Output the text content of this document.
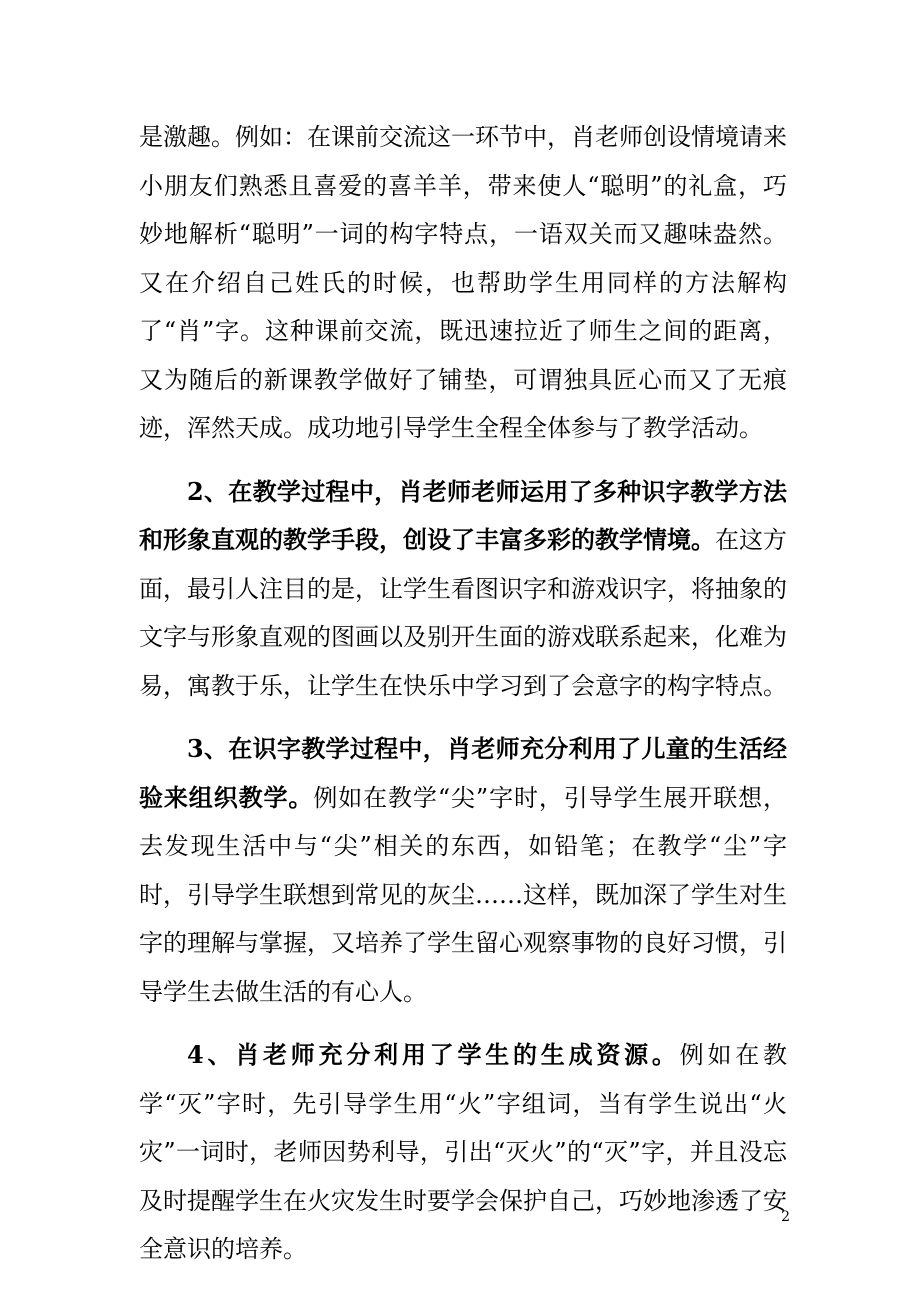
是激趣。例如：在课前交流这一环节中，肖老师创设情境请来小朋友们熟悉且喜爱的喜羊羊，带来使人“聪明”的礼盒，巧妙地解析“聪明”一词的构字特点，一语双关而又趣味盎然。又在介绍自己姓氏的时候，也帮助学生用同样的方法解构了“肖”字。这种课前交流，既迅速拉近了师生之间的距离，又为随后的新课教学做好了铺垫，可谓独具匠心而又了无痕迹，浑然天成。成功地引导学生全程全体参与了教学活动。

2、在教学过程中，肖老师老师运用了多种识字教学方法和形象直观的教学手段，创设了丰富多彩的教学情境。在这方面，最引人注目的是，让学生看图识字和游戏识字，将抽象的文字与形象直观的图画以及别开生面的游戏联系起来，化难为易，寓教于乐，让学生在快乐中学习到了会意字的构字特点。

3、在识字教学过程中，肖老师充分利用了儿童的生活经验来组织教学。例如在教学“尖”字时，引导学生展开联想，去发现生活中与“尖”相关的东西，如铅笔；在教学“尘”字时，引导学生联想到常见的灰尘……这样，既加深了学生对生字的理解与掌握，又培养了学生留心观察事物的良好习惯，引导学生去做生活的有心人。

4、肖老师充分利用了学生的生成资源。例如在教学“灭”字时，先引导学生用“火”字组词，当有学生说出“火灾”一词时，老师因势利导，引出“灭火”的“灭”字，并且没忘及时提醒学生在火灾发生时要学会保护自己，巧妙地渗透了安全意识的培养。

2
